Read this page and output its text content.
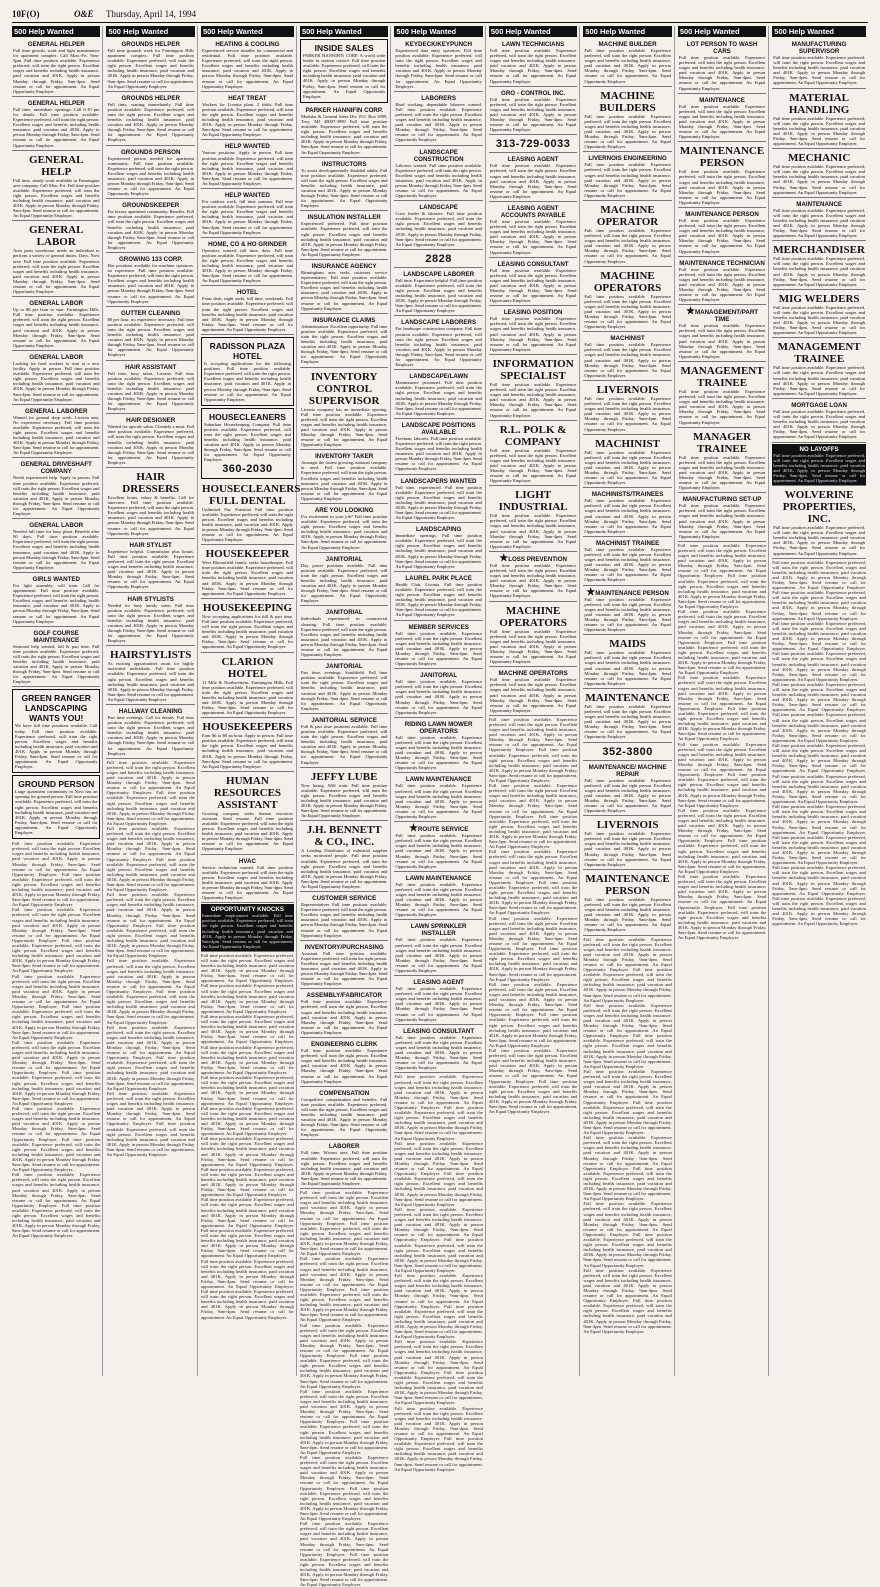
10F(O)	O&E Thursday, April 14, 1994
500 Help Wanted
GENERAL HELPER
Full time growth, work and light maintenance for apartment complex. Call Mon.-Fri. 9am-5pm. Full time position available. Experience preferred, will train the right person. Excellent wages and benefits including health insurance, paid vacation and 401K. Apply in person Monday through Friday, 9am-4pm. Send resume or call for appointment. An Equal Opportunity Employer.
GENERAL HELPER
Full time, immediate openings. Call 6-10 pm for details. Full time position available. Experience preferred, will train the right person. Excellent wages and benefits including health insurance, paid vacation and 401K. Apply in person Monday through Friday, 9am-4pm. Send resume or call for appointment. An Equal Opportunity Employer.
GENERAL HELP
Full time, steady work available in Farmington area company. Call Mon.-Fri. Full time position available. Experience preferred, will train the right person. Excellent wages and benefits including health insurance, paid vacation and 401K. Apply in person Monday through Friday, 9am-4pm. Send resume or call for appointment. An Equal Opportunity Employer.
GENERAL LABOR
Auto parts warehouse needs an individual to perform a variety of general duties. Days, Novi area. Full time position available. Experience preferred, will train the right person. Excellent wages and benefits including health insurance, paid vacation and 401K. Apply in person Monday through Friday, 9am-4pm. Send resume or call for appointment. An Equal Opportunity Employer.
GENERAL LABOR
Up to $6 per hour to start. Farmington Hills. Full time position available. Experience preferred, will train the right person. Excellent wages and benefits including health insurance, paid vacation and 401K. Apply in person Monday through Friday, 9am-4pm. Send resume or call for appointment. An Equal Opportunity Employer.
GENERAL LABOR
Looking for hard workers to start at a new facility. Apply in person. Full time position available. Experience preferred, will train the right person. Excellent wages and benefits including health insurance, paid vacation and 401K. Apply in person Monday through Friday, 9am-4pm. Send resume or call for appointment. An Equal Opportunity Employer.
GENERAL LABORER
Wanted for general shop work. Livonia area. No experience necessary. Full time position available. Experience preferred, will train the right person. Excellent wages and benefits including health insurance, paid vacation and 401K. Apply in person Monday through Friday, 9am-4pm. Send resume or call for appointment. An Equal Opportunity Employer.
GENERAL DRIVESHAFT COMPANY
Needs experienced help. Apply in person. Full time position available. Experience preferred, will train the right person. Excellent wages and benefits including health insurance, paid vacation and 401K. Apply in person Monday through Friday, 9am-4pm. Send resume or call for appointment. An Equal Opportunity Employer.
GENERAL LABOR
Needed full time for busy plant. Benefits after 90 days. Full time position available. Experience preferred, will train the right person. Excellent wages and benefits including health insurance, paid vacation and 401K. Apply in person Monday through Friday, 9am-4pm. Send resume or call for appointment. An Equal Opportunity Employer.
GIRLS WANTED
For light assembly, will train. Call for appointment. Full time position available. Experience preferred, will train the right person. Excellent wages and benefits including health insurance, paid vacation and 401K. Apply in person Monday through Friday, 9am-4pm. Send resume or call for appointment. An Equal Opportunity Employer.
GOLF COURSE MAINTENANCE
Seasonal help wanted, full & part time. Full time position available. Experience preferred, will train the right person. Excellent wages and benefits including health insurance, paid vacation and 401K. Apply in person Monday through Friday, 9am-4pm. Send resume or call for appointment. An Equal Opportunity Employer.
GREEN RANGER LANDSCAPING WANTS YOU!
We have full time positions available. Call today. Full time position available. Experience preferred, will train the right person. Excellent wages and benefits including health insurance, paid vacation and 401K. Apply in person Monday through Friday, 9am-4pm. Send resume or call for appointment. An Equal Opportunity Employer.
GROUND PERSON
Large apartment community in Novi has an opening for ground person. Full time position available. Experience preferred, will train the right person. Excellent wages and benefits including health insurance, paid vacation and 401K. Apply in person Monday through Friday, 9am-4pm. Send resume or call for appointment. An Equal Opportunity Employer.
Full time position available. Experience preferred, will train the right person. Excellent wages and benefits including health insurance, paid vacation and 401K. Apply in person Monday through Friday, 9am-4pm. Send resume or call for appointment. An Equal Opportunity Employer. Full time position available. Experience preferred, will train the right person. Excellent wages and benefits including health insurance, paid vacation and 401K. Apply in person Monday through Friday, 9am-4pm. Send resume or call for appointment. An Equal Opportunity Employer.
Full time position available. Experience preferred, will train the right person. Excellent wages and benefits including health insurance, paid vacation and 401K. Apply in person Monday through Friday, 9am-4pm. Send resume or call for appointment. An Equal Opportunity Employer. Full time position available. Experience preferred, will train the right person. Excellent wages and benefits including health insurance, paid vacation and 401K. Apply in person Monday through Friday, 9am-4pm. Send resume or call for appointment. An Equal Opportunity Employer.
Full time position available. Experience preferred, will train the right person. Excellent wages and benefits including health insurance, paid vacation and 401K. Apply in person Monday through Friday, 9am-4pm. Send resume or call for appointment. An Equal Opportunity Employer. Full time position available. Experience preferred, will train the right person. Excellent wages and benefits including health insurance, paid vacation and 401K. Apply in person Monday through Friday, 9am-4pm. Send resume or call for appointment. An Equal Opportunity Employer.
Full time position available. Experience preferred, will train the right person. Excellent wages and benefits including health insurance, paid vacation and 401K. Apply in person Monday through Friday, 9am-4pm. Send resume or call for appointment. An Equal Opportunity Employer. Full time position available. Experience preferred, will train the right person. Excellent wages and benefits including health insurance, paid vacation and 401K. Apply in person Monday through Friday, 9am-4pm. Send resume or call for appointment. An Equal Opportunity Employer.
Full time position available. Experience preferred, will train the right person. Excellent wages and benefits including health insurance, paid vacation and 401K. Apply in person Monday through Friday, 9am-4pm. Send resume or call for appointment. An Equal Opportunity Employer. Full time position available. Experience preferred, will train the right person. Excellent wages and benefits including health insurance, paid vacation and 401K. Apply in person Monday through Friday, 9am-4pm. Send resume or call for appointment. An Equal Opportunity Employer.
Full time position available. Experience preferred, will train the right person. Excellent wages and benefits including health insurance, paid vacation and 401K. Apply in person Monday through Friday, 9am-4pm. Send resume or call for appointment. An Equal Opportunity Employer. Full time position available. Experience preferred, will train the right person. Excellent wages and benefits including health insurance, paid vacation and 401K. Apply in person Monday through Friday, 9am-4pm. Send resume or call for appointment. An Equal Opportunity Employer.
500 Help Wanted
GROUNDS HELPER
Full time grounds work for Farmington Hills apartment complex. Full time position available. Experience preferred, will train the right person. Excellent wages and benefits including health insurance, paid vacation and 401K. Apply in person Monday through Friday, 9am-4pm. Send resume or call for appointment. An Equal Opportunity Employer.
GROUNDS HELPER
Full time, starting immediately. Full time position available. Experience preferred, will train the right person. Excellent wages and benefits including health insurance, paid vacation and 401K. Apply in person Monday through Friday, 9am-4pm. Send resume or call for appointment. An Equal Opportunity Employer.
GROUNDS PERSON
Experienced person needed for apartment community. Full time position available. Experience preferred, will train the right person. Excellent wages and benefits including health insurance, paid vacation and 401K. Apply in person Monday through Friday, 9am-4pm. Send resume or call for appointment. An Equal Opportunity Employer.
GROUNDSKEEPER
For luxury apartment community. Benefits. Full time position available. Experience preferred, will train the right person. Excellent wages and benefits including health insurance, paid vacation and 401K. Apply in person Monday through Friday, 9am-4pm. Send resume or call for appointment. An Equal Opportunity Employer.
GROWING 133 CORP.
Has positions available for machine operators, no experience. Full time position available. Experience preferred, will train the right person. Excellent wages and benefits including health insurance, paid vacation and 401K. Apply in person Monday through Friday, 9am-4pm. Send resume or call for appointment. An Equal Opportunity Employer.
GUTTER CLEANING
$8 per hour, no experience necessary. Full time position available. Experience preferred, will train the right person. Excellent wages and benefits including health insurance, paid vacation and 401K. Apply in person Monday through Friday, 9am-4pm. Send resume or call for appointment. An Equal Opportunity Employer.
HAIR ASSISTANT
Full time, busy salon. Livonia. Full time position available. Experience preferred, will train the right person. Excellent wages and benefits including health insurance, paid vacation and 401K. Apply in person Monday through Friday, 9am-4pm. Send resume or call for appointment. An Equal Opportunity Employer.
HAIR DESIGNER
Wanted for upscale salon. Clientele a must. Full time position available. Experience preferred, will train the right person. Excellent wages and benefits including health insurance, paid vacation and 401K. Apply in person Monday through Friday, 9am-4pm. Send resume or call for appointment. An Equal Opportunity Employer.
HAIR DRESSERS
Excellent hours, salary & benefits. Call for interview. Full time position available. Experience preferred, will train the right person. Excellent wages and benefits including health insurance, paid vacation and 401K. Apply in person Monday through Friday, 9am-4pm. Send resume or call for appointment. An Equal Opportunity Employer.
HAIR STYLIST
Experience helpful. Commission plus bonus. Full time position available. Experience preferred, will train the right person. Excellent wages and benefits including health insurance, paid vacation and 401K. Apply in person Monday through Friday, 9am-4pm. Send resume or call for appointment. An Equal Opportunity Employer.
HAIR STYLISTS
Needed for busy family salon. Full time position available. Experience preferred, will train the right person. Excellent wages and benefits including health insurance, paid vacation and 401K. Apply in person Monday through Friday, 9am-4pm. Send resume or call for appointment. An Equal Opportunity Employer.
HAIRSTYLISTS
As exciting opportunities await for highly motivated individuals. Full time position available. Experience preferred, will train the right person. Excellent wages and benefits including health insurance, paid vacation and 401K. Apply in person Monday through Friday, 9am-4pm. Send resume or call for appointment. An Equal Opportunity Employer.
HALLWAY CLEANING
Part time evenings. Call for details. Full time position available. Experience preferred, will train the right person. Excellent wages and benefits including health insurance, paid vacation and 401K. Apply in person Monday through Friday, 9am-4pm. Send resume or call for appointment. An Equal Opportunity Employer.
Full time position available. Experience preferred, will train the right person. Excellent wages and benefits including health insurance, paid vacation and 401K. Apply in person Monday through Friday, 9am-4pm. Send resume or call for appointment. An Equal Opportunity Employer. Full time position available. Experience preferred, will train the right person. Excellent wages and benefits including health insurance, paid vacation and 401K. Apply in person Monday through Friday, 9am-4pm. Send resume or call for appointment. An Equal Opportunity Employer.
Full time position available. Experience preferred, will train the right person. Excellent wages and benefits including health insurance, paid vacation and 401K. Apply in person Monday through Friday, 9am-4pm. Send resume or call for appointment. An Equal Opportunity Employer. Full time position available. Experience preferred, will train the right person. Excellent wages and benefits including health insurance, paid vacation and 401K. Apply in person Monday through Friday, 9am-4pm. Send resume or call for appointment. An Equal Opportunity Employer.
Full time position available. Experience preferred, will train the right person. Excellent wages and benefits including health insurance, paid vacation and 401K. Apply in person Monday through Friday, 9am-4pm. Send resume or call for appointment. An Equal Opportunity Employer. Full time position available. Experience preferred, will train the right person. Excellent wages and benefits including health insurance, paid vacation and 401K. Apply in person Monday through Friday, 9am-4pm. Send resume or call for appointment. An Equal Opportunity Employer.
Full time position available. Experience preferred, will train the right person. Excellent wages and benefits including health insurance, paid vacation and 401K. Apply in person Monday through Friday, 9am-4pm. Send resume or call for appointment. An Equal Opportunity Employer. Full time position available. Experience preferred, will train the right person. Excellent wages and benefits including health insurance, paid vacation and 401K. Apply in person Monday through Friday, 9am-4pm. Send resume or call for appointment. An Equal Opportunity Employer.
Full time position available. Experience preferred, will train the right person. Excellent wages and benefits including health insurance, paid vacation and 401K. Apply in person Monday through Friday, 9am-4pm. Send resume or call for appointment. An Equal Opportunity Employer. Full time position available. Experience preferred, will train the right person. Excellent wages and benefits including health insurance, paid vacation and 401K. Apply in person Monday through Friday, 9am-4pm. Send resume or call for appointment. An Equal Opportunity Employer.
Full time position available. Experience preferred, will train the right person. Excellent wages and benefits including health insurance, paid vacation and 401K. Apply in person Monday through Friday, 9am-4pm. Send resume or call for appointment. An Equal Opportunity Employer. Full time position available. Experience preferred, will train the right person. Excellent wages and benefits including health insurance, paid vacation and 401K. Apply in person Monday through Friday, 9am-4pm. Send resume or call for appointment. An Equal Opportunity Employer.
500 Help Wanted
HEATING & COOLING
Experienced service installer for commercial and residential. Full time position available. Experience preferred, will train the right person. Excellent wages and benefits including health insurance, paid vacation and 401K. Apply in person Monday through Friday, 9am-4pm. Send resume or call for appointment. An Equal Opportunity Employer.
HEAT TREAT
Workers for Livonia plant. 2 shifts. Full time position available. Experience preferred, will train the right person. Excellent wages and benefits including health insurance, paid vacation and 401K. Apply in person Monday through Friday, 9am-4pm. Send resume or call for appointment. An Equal Opportunity Employer.
HELP WANTED
Various positions. Apply in person. Full time position available. Experience preferred, will train the right person. Excellent wages and benefits including health insurance, paid vacation and 401K. Apply in person Monday through Friday, 9am-4pm. Send resume or call for appointment. An Equal Opportunity Employer.
HELP WANTED
For outdoor work, full time summer. Full time position available. Experience preferred, will train the right person. Excellent wages and benefits including health insurance, paid vacation and 401K. Apply in person Monday through Friday, 9am-4pm. Send resume or call for appointment. An Equal Opportunity Employer.
HOME, CO & HO GRINDER
Operators wanted, full time, days. Full time position available. Experience preferred, will train the right person. Excellent wages and benefits including health insurance, paid vacation and 401K. Apply in person Monday through Friday, 9am-4pm. Send resume or call for appointment. An Equal Opportunity Employer.
HOTEL
Front desk, night audit, full time, weekends. Full time position available. Experience preferred, will train the right person. Excellent wages and benefits including health insurance, paid vacation and 401K. Apply in person Monday through Friday, 9am-4pm. Send resume or call for appointment. An Equal Opportunity Employer.
RADISSON PLAZA HOTEL
Is accepting applications for the following positions. Full time position available. Experience preferred, will train the right person. Excellent wages and benefits including health insurance, paid vacation and 401K. Apply in person Monday through Friday, 9am-4pm. Send resume or call for appointment. An Equal Opportunity Employer.
HOUSECLEANERS
Suburban Housekeeping Company Full time position available. Experience preferred, will train the right person. Excellent wages and benefits including health insurance, paid vacation and 401K. Apply in person Monday through Friday, 9am-4pm. Send resume or call for appointment. An Equal Opportunity Employer.
360-2030
HOUSECLEANERS FULL DENTAL
Unlimited Pay Potential Full time position available. Experience preferred, will train the right person. Excellent wages and benefits including health insurance, paid vacation and 401K. Apply in person Monday through Friday, 9am-4pm. Send resume or call for appointment. An Equal Opportunity Employer.
HOUSEKEEPER
West Bloomfield family seeks housekeeper. Full time position available. Experience preferred, will train the right person. Excellent wages and benefits including health insurance, paid vacation and 401K. Apply in person Monday through Friday, 9am-4pm. Send resume or call for appointment. An Equal Opportunity Employer.
HOUSEKEEPING
Now accepting applications for full & part time. Full time position available. Experience preferred, will train the right person. Excellent wages and benefits including health insurance, paid vacation and 401K. Apply in person Monday through Friday, 9am-4pm. Send resume or call for appointment. An Equal Opportunity Employer.
CLARION HOTEL
13 Mile & Northwestern, Farmington Hills. Full time position available. Experience preferred, will train the right person. Excellent wages and benefits including health insurance, paid vacation and 401K. Apply in person Monday through Friday, 9am-4pm. Send resume or call for appointment. An Equal Opportunity Employer.
HOUSEKEEPERS
Earn $6 to $8 an hour. Apply in person. Full time position available. Experience preferred, will train the right person. Excellent wages and benefits including health insurance, paid vacation and 401K. Apply in person Monday through Friday, 9am-4pm. Send resume or call for appointment. An Equal Opportunity Employer.
HUMAN RESOURCES ASSISTANT
Growing company seeks human resources assistant. Send resume. Full time position available. Experience preferred, will train the right person. Excellent wages and benefits including health insurance, paid vacation and 401K. Apply in person Monday through Friday, 9am-4pm. Send resume or call for appointment. An Equal Opportunity Employer.
HVAC
Service technician wanted. Full time position available. Experience preferred, will train the right person. Excellent wages and benefits including health insurance, paid vacation and 401K. Apply in person Monday through Friday, 9am-4pm. Send resume or call for appointment. An Equal Opportunity Employer.
OPPORTUNITY KNOCKS
Immediate employment available. Full time position available. Experience preferred, will train the right person. Excellent wages and benefits including health insurance, paid vacation and 401K. Apply in person Monday through Friday, 9am-4pm. Send resume or call for appointment. An Equal Opportunity Employer.
Full time position available. Experience preferred, will train the right person. Excellent wages and benefits including health insurance, paid vacation and 401K. Apply in person Monday through Friday, 9am-4pm. Send resume or call for appointment. An Equal Opportunity Employer. Full time position available. Experience preferred, will train the right person. Excellent wages and benefits including health insurance, paid vacation and 401K. Apply in person Monday through Friday, 9am-4pm. Send resume or call for appointment. An Equal Opportunity Employer.
Full time position available. Experience preferred, will train the right person. Excellent wages and benefits including health insurance, paid vacation and 401K. Apply in person Monday through Friday, 9am-4pm. Send resume or call for appointment. An Equal Opportunity Employer. Full time position available. Experience preferred, will train the right person. Excellent wages and benefits including health insurance, paid vacation and 401K. Apply in person Monday through Friday, 9am-4pm. Send resume or call for appointment. An Equal Opportunity Employer.
Full time position available. Experience preferred, will train the right person. Excellent wages and benefits including health insurance, paid vacation and 401K. Apply in person Monday through Friday, 9am-4pm. Send resume or call for appointment. An Equal Opportunity Employer. Full time position available. Experience preferred, will train the right person. Excellent wages and benefits including health insurance, paid vacation and 401K. Apply in person Monday through Friday, 9am-4pm. Send resume or call for appointment. An Equal Opportunity Employer.
Full time position available. Experience preferred, will train the right person. Excellent wages and benefits including health insurance, paid vacation and 401K. Apply in person Monday through Friday, 9am-4pm. Send resume or call for appointment. An Equal Opportunity Employer. Full time position available. Experience preferred, will train the right person. Excellent wages and benefits including health insurance, paid vacation and 401K. Apply in person Monday through Friday, 9am-4pm. Send resume or call for appointment. An Equal Opportunity Employer.
Full time position available. Experience preferred, will train the right person. Excellent wages and benefits including health insurance, paid vacation and 401K. Apply in person Monday through Friday, 9am-4pm. Send resume or call for appointment. An Equal Opportunity Employer. Full time position available. Experience preferred, will train the right person. Excellent wages and benefits including health insurance, paid vacation and 401K. Apply in person Monday through Friday, 9am-4pm. Send resume or call for appointment. An Equal Opportunity Employer.
Full time position available. Experience preferred, will train the right person. Excellent wages and benefits including health insurance, paid vacation and 401K. Apply in person Monday through Friday, 9am-4pm. Send resume or call for appointment. An Equal Opportunity Employer. Full time position available. Experience preferred, will train the right person. Excellent wages and benefits including health insurance, paid vacation and 401K. Apply in person Monday through Friday, 9am-4pm. Send resume or call for appointment. An Equal Opportunity Employer.
500 Help Wanted
INSIDE SALES
PARKER HANNIFIN CORP. A world wide leader in motion control. Full time position available. Experience preferred, will train the right person. Excellent wages and benefits including health insurance, paid vacation and 401K. Apply in person Monday through Friday, 9am-4pm. Send resume or call for appointment. An Equal Opportunity Employer.
PARKER HANNIFIN CORP.
Modular & General Sales Div. P.O. Box 3999, Troy, MI 48007-3999 Full time position available. Experience preferred, will train the right person. Excellent wages and benefits including health insurance, paid vacation and 401K. Apply in person Monday through Friday, 9am-4pm. Send resume or call for appointment. An Equal Opportunity Employer.
INSTRUCTORS
To assist developmentally disabled adults. Full time position available. Experience preferred, will train the right person. Excellent wages and benefits including health insurance, paid vacation and 401K. Apply in person Monday through Friday, 9am-4pm. Send resume or call for appointment. An Equal Opportunity Employer.
INSULATION INSTALLER
Experienced preferred. Full time position available. Experience preferred, will train the right person. Excellent wages and benefits including health insurance, paid vacation and 401K. Apply in person Monday through Friday, 9am-4pm. Send resume or call for appointment. An Equal Opportunity Employer.
INSURANCE AGENCY
Birmingham area seeks customer service representative. Full time position available. Experience preferred, will train the right person. Excellent wages and benefits including health insurance, paid vacation and 401K. Apply in person Monday through Friday, 9am-4pm. Send resume or call for appointment. An Equal Opportunity Employer.
INSURANCE CLAIMS
Administration. Excellent opportunity. Full time position available. Experience preferred, will train the right person. Excellent wages and benefits including health insurance, paid vacation and 401K. Apply in person Monday through Friday, 9am-4pm. Send resume or call for appointment. An Equal Opportunity Employer.
INVENTORY CONTROL SUPERVISOR
Livonia company has an immediate opening. Full time position available. Experience preferred, will train the right person. Excellent wages and benefits including health insurance, paid vacation and 401K. Apply in person Monday through Friday, 9am-4pm. Send resume or call for appointment. An Equal Opportunity Employer.
INVENTORY TAKER
Amongst the fastest growing, national company in need. Full time position available. Experience preferred, will train the right person. Excellent wages and benefits including health insurance, paid vacation and 401K. Apply in person Monday through Friday, 9am-4pm. Send resume or call for appointment. An Equal Opportunity Employer.
ARE YOU LOOKING
For excitement in your job? Full time position available. Experience preferred, will train the right person. Excellent wages and benefits including health insurance, paid vacation and 401K. Apply in person Monday through Friday, 9am-4pm. Send resume or call for appointment. An Equal Opportunity Employer.
JANITORIAL
Day porter positions available. Full time position available. Experience preferred, will train the right person. Excellent wages and benefits including health insurance, paid vacation and 401K. Apply in person Monday through Friday, 9am-4pm. Send resume or call for appointment. An Equal Opportunity Employer.
JANITORIAL
Individuals experienced in commercial cleaning. Full time position available. Experience preferred, will train the right person. Excellent wages and benefits including health insurance, paid vacation and 401K. Apply in person Monday through Friday, 9am-4pm. Send resume or call for appointment. An Equal Opportunity Employer.
JANITORIAL
Part time, evenings. Southfield. Full time position available. Experience preferred, will train the right person. Excellent wages and benefits including health insurance, paid vacation and 401K. Apply in person Monday through Friday, 9am-4pm. Send resume or call for appointment. An Equal Opportunity Employer.
JANITORIAL SERVICE
Full & part time positions available. Full time position available. Experience preferred, will train the right person. Excellent wages and benefits including health insurance, paid vacation and 401K. Apply in person Monday through Friday, 9am-4pm. Send resume or call for appointment. An Equal Opportunity Employer.
JEFFY LUBE
Now hiring. Will train. Full time position available. Experience preferred, will train the right person. Excellent wages and benefits including health insurance, paid vacation and 401K. Apply in person Monday through Friday, 9am-4pm. Send resume or call for appointment. An Equal Opportunity Employer.
J.H. BENNETT & CO., INC.
A Leading Distributor of industrial supplies seeks motivated people. Full time position available. Experience preferred, will train the right person. Excellent wages and benefits including health insurance, paid vacation and 401K. Apply in person Monday through Friday, 9am-4pm. Send resume or call for appointment. An Equal Opportunity Employer.
CUSTOMER SERVICE
Representatives Full time position available. Experience preferred, will train the right person. Excellent wages and benefits including health insurance, paid vacation and 401K. Apply in person Monday through Friday, 9am-4pm. Send resume or call for appointment. An Equal Opportunity Employer.
INVENTORY/PURCHASING
Assistant Full time position available. Experience preferred, will train the right person. Excellent wages and benefits including health insurance, paid vacation and 401K. Apply in person Monday through Friday, 9am-4pm. Send resume or call for appointment. An Equal Opportunity Employer.
ASSEMBLY/FABRICATOR
Full time position available. Experience preferred, will train the right person. Excellent wages and benefits including health insurance, paid vacation and 401K. Apply in person Monday through Friday, 9am-4pm. Send resume or call for appointment. An Equal Opportunity Employer.
ENGINEERING CLERK
Full time position available. Experience preferred, will train the right person. Excellent wages and benefits including health insurance, paid vacation and 401K. Apply in person Monday through Friday, 9am-4pm. Send resume or call for appointment. An Equal Opportunity Employer.
COMPENSATION
Competitive compensation and benefits. Full time position available. Experience preferred, will train the right person. Excellent wages and benefits including health insurance, paid vacation and 401K. Apply in person Monday through Friday, 9am-4pm. Send resume or call for appointment. An Equal Opportunity Employer.
LABORER
Full time, Wixom area. Full time position available. Experience preferred, will train the right person. Excellent wages and benefits including health insurance, paid vacation and 401K. Apply in person Monday through Friday, 9am-4pm. Send resume or call for appointment. An Equal Opportunity Employer.
Full time position available. Experience preferred, will train the right person. Excellent wages and benefits including health insurance, paid vacation and 401K. Apply in person Monday through Friday, 9am-4pm. Send resume or call for appointment. An Equal Opportunity Employer. Full time position available. Experience preferred, will train the right person. Excellent wages and benefits including health insurance, paid vacation and 401K. Apply in person Monday through Friday, 9am-4pm. Send resume or call for appointment. An Equal Opportunity Employer.
Full time position available. Experience preferred, will train the right person. Excellent wages and benefits including health insurance, paid vacation and 401K. Apply in person Monday through Friday, 9am-4pm. Send resume or call for appointment. An Equal Opportunity Employer. Full time position available. Experience preferred, will train the right person. Excellent wages and benefits including health insurance, paid vacation and 401K. Apply in person Monday through Friday, 9am-4pm. Send resume or call for appointment. An Equal Opportunity Employer.
Full time position available. Experience preferred, will train the right person. Excellent wages and benefits including health insurance, paid vacation and 401K. Apply in person Monday through Friday, 9am-4pm. Send resume or call for appointment. An Equal Opportunity Employer. Full time position available. Experience preferred, will train the right person. Excellent wages and benefits including health insurance, paid vacation and 401K. Apply in person Monday through Friday, 9am-4pm. Send resume or call for appointment. An Equal Opportunity Employer.
Full time position available. Experience preferred, will train the right person. Excellent wages and benefits including health insurance, paid vacation and 401K. Apply in person Monday through Friday, 9am-4pm. Send resume or call for appointment. An Equal Opportunity Employer. Full time position available. Experience preferred, will train the right person. Excellent wages and benefits including health insurance, paid vacation and 401K. Apply in person Monday through Friday, 9am-4pm. Send resume or call for appointment. An Equal Opportunity Employer.
Full time position available. Experience preferred, will train the right person. Excellent wages and benefits including health insurance, paid vacation and 401K. Apply in person Monday through Friday, 9am-4pm. Send resume or call for appointment. An Equal Opportunity Employer. Full time position available. Experience preferred, will train the right person. Excellent wages and benefits including health insurance, paid vacation and 401K. Apply in person Monday through Friday, 9am-4pm. Send resume or call for appointment. An Equal Opportunity Employer.
Full time position available. Experience preferred, will train the right person. Excellent wages and benefits including health insurance, paid vacation and 401K. Apply in person Monday through Friday, 9am-4pm. Send resume or call for appointment. An Equal Opportunity Employer. Full time position available. Experience preferred, will train the right person. Excellent wages and benefits including health insurance, paid vacation and 401K. Apply in person Monday through Friday, 9am-4pm. Send resume or call for appointment. An Equal Opportunity Employer.
500 Help Wanted
KEYDECK/KEYPUNCH
Experienced data entry operators. Full time position available. Experience preferred, will train the right person. Excellent wages and benefits including health insurance, paid vacation and 401K. Apply in person Monday through Friday, 9am-4pm. Send resume or call for appointment. An Equal Opportunity Employer.
LABORERS
Hard working, dependable laborers wanted. Full time position available. Experience preferred, will train the right person. Excellent wages and benefits including health insurance, paid vacation and 401K. Apply in person Monday through Friday, 9am-4pm. Send resume or call for appointment. An Equal Opportunity Employer.
LANDSCAPE CONSTRUCTION
Laborers wanted. Full time position available. Experience preferred, will train the right person. Excellent wages and benefits including health insurance, paid vacation and 401K. Apply in person Monday through Friday, 9am-4pm. Send resume or call for appointment. An Equal Opportunity Employer.
LANDSCAPE
Crew leader & laborers. Full time position available. Experience preferred, will train the right person. Excellent wages and benefits including health insurance, paid vacation and 401K. Apply in person Monday through Friday, 9am-4pm. Send resume or call for appointment. An Equal Opportunity Employer.
2828
LANDSCAPE LABORER
Full time. Experience helpful. Full time position available. Experience preferred, will train the right person. Excellent wages and benefits including health insurance, paid vacation and 401K. Apply in person Monday through Friday, 9am-4pm. Send resume or call for appointment. An Equal Opportunity Employer.
LANDSCAPE LABORERS
For landscape construction company. Full time position available. Experience preferred, will train the right person. Excellent wages and benefits including health insurance, paid vacation and 401K. Apply in person Monday through Friday, 9am-4pm. Send resume or call for appointment. An Equal Opportunity Employer.
LANDSCAPE/LAWN
Maintenance personnel. Full time position available. Experience preferred, will train the right person. Excellent wages and benefits including health insurance, paid vacation and 401K. Apply in person Monday through Friday, 9am-4pm. Send resume or call for appointment. An Equal Opportunity Employer.
LANDSCAPE POSITIONS AVAILABLE
Foreman, laborers. Full time position available. Experience preferred, will train the right person. Excellent wages and benefits including health insurance, paid vacation and 401K. Apply in person Monday through Friday, 9am-4pm. Send resume or call for appointment. An Equal Opportunity Employer.
LANDSCAPERS WANTED
Full time, experienced. Full time position available. Experience preferred, will train the right person. Excellent wages and benefits including health insurance, paid vacation and 401K. Apply in person Monday through Friday, 9am-4pm. Send resume or call for appointment. An Equal Opportunity Employer.
LANDSCAPING
Immediate openings. Full time position available. Experience preferred, will train the right person. Excellent wages and benefits including health insurance, paid vacation and 401K. Apply in person Monday through Friday, 9am-4pm. Send resume or call for appointment. An Equal Opportunity Employer.
LAUREL PARK PLACE
Health Club, Livonia. Full time position available. Experience preferred, will train the right person. Excellent wages and benefits including health insurance, paid vacation and 401K. Apply in person Monday through Friday, 9am-4pm. Send resume or call for appointment. An Equal Opportunity Employer.
MEMBER SERVICES
Full time position available. Experience preferred, will train the right person. Excellent wages and benefits including health insurance, paid vacation and 401K. Apply in person Monday through Friday, 9am-4pm. Send resume or call for appointment. An Equal Opportunity Employer.
JANITORIAL
Full time position available. Experience preferred, will train the right person. Excellent wages and benefits including health insurance, paid vacation and 401K. Apply in person Monday through Friday, 9am-4pm. Send resume or call for appointment. An Equal Opportunity Employer.
RIDING LAWN MOWER OPERATORS
Full time position available. Experience preferred, will train the right person. Excellent wages and benefits including health insurance, paid vacation and 401K. Apply in person Monday through Friday, 9am-4pm. Send resume or call for appointment. An Equal Opportunity Employer.
LAWN MAINTENANCE
Full time position available. Experience preferred, will train the right person. Excellent wages and benefits including health insurance, paid vacation and 401K. Apply in person Monday through Friday, 9am-4pm. Send resume or call for appointment. An Equal Opportunity Employer.
★ ROUTE SERVICE
Full time position available. Experience preferred, will train the right person. Excellent wages and benefits including health insurance, paid vacation and 401K. Apply in person Monday through Friday, 9am-4pm. Send resume or call for appointment. An Equal Opportunity Employer.
LAWN MAINTENANCE
Full time position available. Experience preferred, will train the right person. Excellent wages and benefits including health insurance, paid vacation and 401K. Apply in person Monday through Friday, 9am-4pm. Send resume or call for appointment. An Equal Opportunity Employer.
LAWN SPRINKLER INSTALLER
Full time position available. Experience preferred, will train the right person. Excellent wages and benefits including health insurance, paid vacation and 401K. Apply in person Monday through Friday, 9am-4pm. Send resume or call for appointment. An Equal Opportunity Employer.
LEASING AGENT
Full time position available. Experience preferred, will train the right person. Excellent wages and benefits including health insurance, paid vacation and 401K. Apply in person Monday through Friday, 9am-4pm. Send resume or call for appointment. An Equal Opportunity Employer.
LEASING CONSULTANT
Full time position available. Experience preferred, will train the right person. Excellent wages and benefits including health insurance, paid vacation and 401K. Apply in person Monday through Friday, 9am-4pm. Send resume or call for appointment. An Equal Opportunity Employer.
Full time position available. Experience preferred, will train the right person. Excellent wages and benefits including health insurance, paid vacation and 401K. Apply in person Monday through Friday, 9am-4pm. Send resume or call for appointment. An Equal Opportunity Employer. Full time position available. Experience preferred, will train the right person. Excellent wages and benefits including health insurance, paid vacation and 401K. Apply in person Monday through Friday, 9am-4pm. Send resume or call for appointment. An Equal Opportunity Employer.
Full time position available. Experience preferred, will train the right person. Excellent wages and benefits including health insurance, paid vacation and 401K. Apply in person Monday through Friday, 9am-4pm. Send resume or call for appointment. An Equal Opportunity Employer. Full time position available. Experience preferred, will train the right person. Excellent wages and benefits including health insurance, paid vacation and 401K. Apply in person Monday through Friday, 9am-4pm. Send resume or call for appointment. An Equal Opportunity Employer.
Full time position available. Experience preferred, will train the right person. Excellent wages and benefits including health insurance, paid vacation and 401K. Apply in person Monday through Friday, 9am-4pm. Send resume or call for appointment. An Equal Opportunity Employer. Full time position available. Experience preferred, will train the right person. Excellent wages and benefits including health insurance, paid vacation and 401K. Apply in person Monday through Friday, 9am-4pm. Send resume or call for appointment. An Equal Opportunity Employer.
Full time position available. Experience preferred, will train the right person. Excellent wages and benefits including health insurance, paid vacation and 401K. Apply in person Monday through Friday, 9am-4pm. Send resume or call for appointment. An Equal Opportunity Employer. Full time position available. Experience preferred, will train the right person. Excellent wages and benefits including health insurance, paid vacation and 401K. Apply in person Monday through Friday, 9am-4pm. Send resume or call for appointment. An Equal Opportunity Employer.
Full time position available. Experience preferred, will train the right person. Excellent wages and benefits including health insurance, paid vacation and 401K. Apply in person Monday through Friday, 9am-4pm. Send resume or call for appointment. An Equal Opportunity Employer. Full time position available. Experience preferred, will train the right person. Excellent wages and benefits including health insurance, paid vacation and 401K. Apply in person Monday through Friday, 9am-4pm. Send resume or call for appointment. An Equal Opportunity Employer.
Full time position available. Experience preferred, will train the right person. Excellent wages and benefits including health insurance, paid vacation and 401K. Apply in person Monday through Friday, 9am-4pm. Send resume or call for appointment. An Equal Opportunity Employer. Full time position available. Experience preferred, will train the right person. Excellent wages and benefits including health insurance, paid vacation and 401K. Apply in person Monday through Friday, 9am-4pm. Send resume or call for appointment. An Equal Opportunity Employer.
500 Help Wanted
LAWN TECHNICIANS
Full time position available. Experience preferred, will train the right person. Excellent wages and benefits including health insurance, paid vacation and 401K. Apply in person Monday through Friday, 9am-4pm. Send resume or call for appointment. An Equal Opportunity Employer.
GRO - CONTROL INC.
Full time position available. Experience preferred, will train the right person. Excellent wages and benefits including health insurance, paid vacation and 401K. Apply in person Monday through Friday, 9am-4pm. Send resume or call for appointment. An Equal Opportunity Employer.
313-729-0033
LEASING AGENT
Full time position available. Experience preferred, will train the right person. Excellent wages and benefits including health insurance, paid vacation and 401K. Apply in person Monday through Friday, 9am-4pm. Send resume or call for appointment. An Equal Opportunity Employer.
LEASING AGENT ACCOUNTS PAYABLE
Full time position available. Experience preferred, will train the right person. Excellent wages and benefits including health insurance, paid vacation and 401K. Apply in person Monday through Friday, 9am-4pm. Send resume or call for appointment. An Equal Opportunity Employer.
LEASING CONSULTANT
Full time position available. Experience preferred, will train the right person. Excellent wages and benefits including health insurance, paid vacation and 401K. Apply in person Monday through Friday, 9am-4pm. Send resume or call for appointment. An Equal Opportunity Employer.
LEASING POSITION
Full time position available. Experience preferred, will train the right person. Excellent wages and benefits including health insurance, paid vacation and 401K. Apply in person Monday through Friday, 9am-4pm. Send resume or call for appointment. An Equal Opportunity Employer.
INFORMATION SPECIALIST
Full time position available. Experience preferred, will train the right person. Excellent wages and benefits including health insurance, paid vacation and 401K. Apply in person Monday through Friday, 9am-4pm. Send resume or call for appointment. An Equal Opportunity Employer.
R.L. POLK & COMPANY
Full time position available. Experience preferred, will train the right person. Excellent wages and benefits including health insurance, paid vacation and 401K. Apply in person Monday through Friday, 9am-4pm. Send resume or call for appointment. An Equal Opportunity Employer.
LIGHT INDUSTRIAL
Full time position available. Experience preferred, will train the right person. Excellent wages and benefits including health insurance, paid vacation and 401K. Apply in person Monday through Friday, 9am-4pm. Send resume or call for appointment. An Equal Opportunity Employer.
★ LOSS PREVENTION
Full time position available. Experience preferred, will train the right person. Excellent wages and benefits including health insurance, paid vacation and 401K. Apply in person Monday through Friday, 9am-4pm. Send resume or call for appointment. An Equal Opportunity Employer.
MACHINE OPERATORS
Full time position available. Experience preferred, will train the right person. Excellent wages and benefits including health insurance, paid vacation and 401K. Apply in person Monday through Friday, 9am-4pm. Send resume or call for appointment. An Equal Opportunity Employer.
MACHINE OPERATORS
Full time position available. Experience preferred, will train the right person. Excellent wages and benefits including health insurance, paid vacation and 401K. Apply in person Monday through Friday, 9am-4pm. Send resume or call for appointment. An Equal Opportunity Employer.
Full time position available. Experience preferred, will train the right person. Excellent wages and benefits including health insurance, paid vacation and 401K. Apply in person Monday through Friday, 9am-4pm. Send resume or call for appointment. An Equal Opportunity Employer. Full time position available. Experience preferred, will train the right person. Excellent wages and benefits including health insurance, paid vacation and 401K. Apply in person Monday through Friday, 9am-4pm. Send resume or call for appointment. An Equal Opportunity Employer.
Full time position available. Experience preferred, will train the right person. Excellent wages and benefits including health insurance, paid vacation and 401K. Apply in person Monday through Friday, 9am-4pm. Send resume or call for appointment. An Equal Opportunity Employer. Full time position available. Experience preferred, will train the right person. Excellent wages and benefits including health insurance, paid vacation and 401K. Apply in person Monday through Friday, 9am-4pm. Send resume or call for appointment. An Equal Opportunity Employer.
Full time position available. Experience preferred, will train the right person. Excellent wages and benefits including health insurance, paid vacation and 401K. Apply in person Monday through Friday, 9am-4pm. Send resume or call for appointment. An Equal Opportunity Employer. Full time position available. Experience preferred, will train the right person. Excellent wages and benefits including health insurance, paid vacation and 401K. Apply in person Monday through Friday, 9am-4pm. Send resume or call for appointment. An Equal Opportunity Employer.
Full time position available. Experience preferred, will train the right person. Excellent wages and benefits including health insurance, paid vacation and 401K. Apply in person Monday through Friday, 9am-4pm. Send resume or call for appointment. An Equal Opportunity Employer. Full time position available. Experience preferred, will train the right person. Excellent wages and benefits including health insurance, paid vacation and 401K. Apply in person Monday through Friday, 9am-4pm. Send resume or call for appointment. An Equal Opportunity Employer.
Full time position available. Experience preferred, will train the right person. Excellent wages and benefits including health insurance, paid vacation and 401K. Apply in person Monday through Friday, 9am-4pm. Send resume or call for appointment. An Equal Opportunity Employer. Full time position available. Experience preferred, will train the right person. Excellent wages and benefits including health insurance, paid vacation and 401K. Apply in person Monday through Friday, 9am-4pm. Send resume or call for appointment. An Equal Opportunity Employer.
Full time position available. Experience preferred, will train the right person. Excellent wages and benefits including health insurance, paid vacation and 401K. Apply in person Monday through Friday, 9am-4pm. Send resume or call for appointment. An Equal Opportunity Employer. Full time position available. Experience preferred, will train the right person. Excellent wages and benefits including health insurance, paid vacation and 401K. Apply in person Monday through Friday, 9am-4pm. Send resume or call for appointment. An Equal Opportunity Employer.
500 Help Wanted
MACHINE BUILDER
Full time position available. Experience preferred, will train the right person. Excellent wages and benefits including health insurance, paid vacation and 401K. Apply in person Monday through Friday, 9am-4pm. Send resume or call for appointment. An Equal Opportunity Employer.
MACHINE BUILDERS
Full time position available. Experience preferred, will train the right person. Excellent wages and benefits including health insurance, paid vacation and 401K. Apply in person Monday through Friday, 9am-4pm. Send resume or call for appointment. An Equal Opportunity Employer.
LIVERNOIS ENGINEERING
Full time position available. Experience preferred, will train the right person. Excellent wages and benefits including health insurance, paid vacation and 401K. Apply in person Monday through Friday, 9am-4pm. Send resume or call for appointment. An Equal Opportunity Employer.
MACHINE OPERATOR
Full time position available. Experience preferred, will train the right person. Excellent wages and benefits including health insurance, paid vacation and 401K. Apply in person Monday through Friday, 9am-4pm. Send resume or call for appointment. An Equal Opportunity Employer.
MACHINE OPERATORS
Full time position available. Experience preferred, will train the right person. Excellent wages and benefits including health insurance, paid vacation and 401K. Apply in person Monday through Friday, 9am-4pm. Send resume or call for appointment. An Equal Opportunity Employer.
MACHINIST
Full time position available. Experience preferred, will train the right person. Excellent wages and benefits including health insurance, paid vacation and 401K. Apply in person Monday through Friday, 9am-4pm. Send resume or call for appointment. An Equal Opportunity Employer.
LIVERNOIS
Full time position available. Experience preferred, will train the right person. Excellent wages and benefits including health insurance, paid vacation and 401K. Apply in person Monday through Friday, 9am-4pm. Send resume or call for appointment. An Equal Opportunity Employer.
MACHINIST
Full time position available. Experience preferred, will train the right person. Excellent wages and benefits including health insurance, paid vacation and 401K. Apply in person Monday through Friday, 9am-4pm. Send resume or call for appointment. An Equal Opportunity Employer.
MACHINISTS/TRAINEES
Full time position available. Experience preferred, will train the right person. Excellent wages and benefits including health insurance, paid vacation and 401K. Apply in person Monday through Friday, 9am-4pm. Send resume or call for appointment. An Equal Opportunity Employer.
MACHINIST TRAINEE
Full time position available. Experience preferred, will train the right person. Excellent wages and benefits including health insurance, paid vacation and 401K. Apply in person Monday through Friday, 9am-4pm. Send resume or call for appointment. An Equal Opportunity Employer.
★ MAINTENANCE PERSON
Full time position available. Experience preferred, will train the right person. Excellent wages and benefits including health insurance, paid vacation and 401K. Apply in person Monday through Friday, 9am-4pm. Send resume or call for appointment. An Equal Opportunity Employer.
MAIDS
Full time position available. Experience preferred, will train the right person. Excellent wages and benefits including health insurance, paid vacation and 401K. Apply in person Monday through Friday, 9am-4pm. Send resume or call for appointment. An Equal Opportunity Employer.
MAINTENANCE
Full time position available. Experience preferred, will train the right person. Excellent wages and benefits including health insurance, paid vacation and 401K. Apply in person Monday through Friday, 9am-4pm. Send resume or call for appointment. An Equal Opportunity Employer.
352-3800
MAINTENANCE/ MACHINE REPAIR
Full time position available. Experience preferred, will train the right person. Excellent wages and benefits including health insurance, paid vacation and 401K. Apply in person Monday through Friday, 9am-4pm. Send resume or call for appointment. An Equal Opportunity Employer.
LIVERNOIS
Full time position available. Experience preferred, will train the right person. Excellent wages and benefits including health insurance, paid vacation and 401K. Apply in person Monday through Friday, 9am-4pm. Send resume or call for appointment. An Equal Opportunity Employer.
MAINTENANCE PERSON
Full time position available. Experience preferred, will train the right person. Excellent wages and benefits including health insurance, paid vacation and 401K. Apply in person Monday through Friday, 9am-4pm. Send resume or call for appointment. An Equal Opportunity Employer.
Full time position available. Experience preferred, will train the right person. Excellent wages and benefits including health insurance, paid vacation and 401K. Apply in person Monday through Friday, 9am-4pm. Send resume or call for appointment. An Equal Opportunity Employer. Full time position available. Experience preferred, will train the right person. Excellent wages and benefits including health insurance, paid vacation and 401K. Apply in person Monday through Friday, 9am-4pm. Send resume or call for appointment. An Equal Opportunity Employer.
Full time position available. Experience preferred, will train the right person. Excellent wages and benefits including health insurance, paid vacation and 401K. Apply in person Monday through Friday, 9am-4pm. Send resume or call for appointment. An Equal Opportunity Employer. Full time position available. Experience preferred, will train the right person. Excellent wages and benefits including health insurance, paid vacation and 401K. Apply in person Monday through Friday, 9am-4pm. Send resume or call for appointment. An Equal Opportunity Employer.
Full time position available. Experience preferred, will train the right person. Excellent wages and benefits including health insurance, paid vacation and 401K. Apply in person Monday through Friday, 9am-4pm. Send resume or call for appointment. An Equal Opportunity Employer. Full time position available. Experience preferred, will train the right person. Excellent wages and benefits including health insurance, paid vacation and 401K. Apply in person Monday through Friday, 9am-4pm. Send resume or call for appointment. An Equal Opportunity Employer.
Full time position available. Experience preferred, will train the right person. Excellent wages and benefits including health insurance, paid vacation and 401K. Apply in person Monday through Friday, 9am-4pm. Send resume or call for appointment. An Equal Opportunity Employer. Full time position available. Experience preferred, will train the right person. Excellent wages and benefits including health insurance, paid vacation and 401K. Apply in person Monday through Friday, 9am-4pm. Send resume or call for appointment. An Equal Opportunity Employer.
Full time position available. Experience preferred, will train the right person. Excellent wages and benefits including health insurance, paid vacation and 401K. Apply in person Monday through Friday, 9am-4pm. Send resume or call for appointment. An Equal Opportunity Employer. Full time position available. Experience preferred, will train the right person. Excellent wages and benefits including health insurance, paid vacation and 401K. Apply in person Monday through Friday, 9am-4pm. Send resume or call for appointment. An Equal Opportunity Employer.
Full time position available. Experience preferred, will train the right person. Excellent wages and benefits including health insurance, paid vacation and 401K. Apply in person Monday through Friday, 9am-4pm. Send resume or call for appointment. An Equal Opportunity Employer. Full time position available. Experience preferred, will train the right person. Excellent wages and benefits including health insurance, paid vacation and 401K. Apply in person Monday through Friday, 9am-4pm. Send resume or call for appointment. An Equal Opportunity Employer.
500 Help Wanted
LOT PERSON TO WASH CARS
Full time position available. Experience preferred, will train the right person. Excellent wages and benefits including health insurance, paid vacation and 401K. Apply in person Monday through Friday, 9am-4pm. Send resume or call for appointment. An Equal Opportunity Employer.
MAINTENANCE
Full time position available. Experience preferred, will train the right person. Excellent wages and benefits including health insurance, paid vacation and 401K. Apply in person Monday through Friday, 9am-4pm. Send resume or call for appointment. An Equal Opportunity Employer.
MAINTENANCE PERSON
Full time position available. Experience preferred, will train the right person. Excellent wages and benefits including health insurance, paid vacation and 401K. Apply in person Monday through Friday, 9am-4pm. Send resume or call for appointment. An Equal Opportunity Employer.
MAINTENANCE PERSON
Full time position available. Experience preferred, will train the right person. Excellent wages and benefits including health insurance, paid vacation and 401K. Apply in person Monday through Friday, 9am-4pm. Send resume or call for appointment. An Equal Opportunity Employer.
MAINTENANCE TECHNICIAN
Full time position available. Experience preferred, will train the right person. Excellent wages and benefits including health insurance, paid vacation and 401K. Apply in person Monday through Friday, 9am-4pm. Send resume or call for appointment. An Equal Opportunity Employer.
★ MANAGEMENT/PART TIME
Full time position available. Experience preferred, will train the right person. Excellent wages and benefits including health insurance, paid vacation and 401K. Apply in person Monday through Friday, 9am-4pm. Send resume or call for appointment. An Equal Opportunity Employer.
MANAGEMENT TRAINEE
Full time position available. Experience preferred, will train the right person. Excellent wages and benefits including health insurance, paid vacation and 401K. Apply in person Monday through Friday, 9am-4pm. Send resume or call for appointment. An Equal Opportunity Employer.
MANAGER TRAINEE
Full time position available. Experience preferred, will train the right person. Excellent wages and benefits including health insurance, paid vacation and 401K. Apply in person Monday through Friday, 9am-4pm. Send resume or call for appointment. An Equal Opportunity Employer.
MANUFACTURING SET-UP
Full time position available. Experience preferred, will train the right person. Excellent wages and benefits including health insurance, paid vacation and 401K. Apply in person Monday through Friday, 9am-4pm. Send resume or call for appointment. An Equal Opportunity Employer.
Full time position available. Experience preferred, will train the right person. Excellent wages and benefits including health insurance, paid vacation and 401K. Apply in person Monday through Friday, 9am-4pm. Send resume or call for appointment. An Equal Opportunity Employer. Full time position available. Experience preferred, will train the right person. Excellent wages and benefits including health insurance, paid vacation and 401K. Apply in person Monday through Friday, 9am-4pm. Send resume or call for appointment. An Equal Opportunity Employer.
Full time position available. Experience preferred, will train the right person. Excellent wages and benefits including health insurance, paid vacation and 401K. Apply in person Monday through Friday, 9am-4pm. Send resume or call for appointment. An Equal Opportunity Employer. Full time position available. Experience preferred, will train the right person. Excellent wages and benefits including health insurance, paid vacation and 401K. Apply in person Monday through Friday, 9am-4pm. Send resume or call for appointment. An Equal Opportunity Employer.
Full time position available. Experience preferred, will train the right person. Excellent wages and benefits including health insurance, paid vacation and 401K. Apply in person Monday through Friday, 9am-4pm. Send resume or call for appointment. An Equal Opportunity Employer. Full time position available. Experience preferred, will train the right person. Excellent wages and benefits including health insurance, paid vacation and 401K. Apply in person Monday through Friday, 9am-4pm. Send resume or call for appointment. An Equal Opportunity Employer.
Full time position available. Experience preferred, will train the right person. Excellent wages and benefits including health insurance, paid vacation and 401K. Apply in person Monday through Friday, 9am-4pm. Send resume or call for appointment. An Equal Opportunity Employer. Full time position available. Experience preferred, will train the right person. Excellent wages and benefits including health insurance, paid vacation and 401K. Apply in person Monday through Friday, 9am-4pm. Send resume or call for appointment. An Equal Opportunity Employer.
Full time position available. Experience preferred, will train the right person. Excellent wages and benefits including health insurance, paid vacation and 401K. Apply in person Monday through Friday, 9am-4pm. Send resume or call for appointment. An Equal Opportunity Employer. Full time position available. Experience preferred, will train the right person. Excellent wages and benefits including health insurance, paid vacation and 401K. Apply in person Monday through Friday, 9am-4pm. Send resume or call for appointment. An Equal Opportunity Employer.
Full time position available. Experience preferred, will train the right person. Excellent wages and benefits including health insurance, paid vacation and 401K. Apply in person Monday through Friday, 9am-4pm. Send resume or call for appointment. An Equal Opportunity Employer. Full time position available. Experience preferred, will train the right person. Excellent wages and benefits including health insurance, paid vacation and 401K. Apply in person Monday through Friday, 9am-4pm. Send resume or call for appointment. An Equal Opportunity Employer.
500 Help Wanted
MANUFACTURING SUPERVISOR
Full time position available. Experience preferred, will train the right person. Excellent wages and benefits including health insurance, paid vacation and 401K. Apply in person Monday through Friday, 9am-4pm. Send resume or call for appointment. An Equal Opportunity Employer.
MATERIAL HANDLING
Full time position available. Experience preferred, will train the right person. Excellent wages and benefits including health insurance, paid vacation and 401K. Apply in person Monday through Friday, 9am-4pm. Send resume or call for appointment. An Equal Opportunity Employer.
MECHANIC
Full time position available. Experience preferred, will train the right person. Excellent wages and benefits including health insurance, paid vacation and 401K. Apply in person Monday through Friday, 9am-4pm. Send resume or call for appointment. An Equal Opportunity Employer.
MAINTENANCE
Full time position available. Experience preferred, will train the right person. Excellent wages and benefits including health insurance, paid vacation and 401K. Apply in person Monday through Friday, 9am-4pm. Send resume or call for appointment. An Equal Opportunity Employer.
MERCHANDISER
Full time position available. Experience preferred, will train the right person. Excellent wages and benefits including health insurance, paid vacation and 401K. Apply in person Monday through Friday, 9am-4pm. Send resume or call for appointment. An Equal Opportunity Employer.
MIG WELDERS
Full time position available. Experience preferred, will train the right person. Excellent wages and benefits including health insurance, paid vacation and 401K. Apply in person Monday through Friday, 9am-4pm. Send resume or call for appointment. An Equal Opportunity Employer.
MANAGEMENT TRAINEE
Full time position available. Experience preferred, will train the right person. Excellent wages and benefits including health insurance, paid vacation and 401K. Apply in person Monday through Friday, 9am-4pm. Send resume or call for appointment. An Equal Opportunity Employer.
MORTGAGE LOAN
Full time position available. Experience preferred, will train the right person. Excellent wages and benefits including health insurance, paid vacation and 401K. Apply in person Monday through Friday, 9am-4pm. Send resume or call for appointment. An Equal Opportunity Employer.
NO LAYOFFS
Full time position available. Experience preferred, will train the right person. Excellent wages and benefits including health insurance, paid vacation and 401K. Apply in person Monday through Friday, 9am-4pm. Send resume or call for appointment. An Equal Opportunity Employer.
WOLVERINE PROPERTIES, INC.
Full time position available. Experience preferred, will train the right person. Excellent wages and benefits including health insurance, paid vacation and 401K. Apply in person Monday through Friday, 9am-4pm. Send resume or call for appointment. An Equal Opportunity Employer.
Full time position available. Experience preferred, will train the right person. Excellent wages and benefits including health insurance, paid vacation and 401K. Apply in person Monday through Friday, 9am-4pm. Send resume or call for appointment. An Equal Opportunity Employer. Full time position available. Experience preferred, will train the right person. Excellent wages and benefits including health insurance, paid vacation and 401K. Apply in person Monday through Friday, 9am-4pm. Send resume or call for appointment. An Equal Opportunity Employer.
Full time position available. Experience preferred, will train the right person. Excellent wages and benefits including health insurance, paid vacation and 401K. Apply in person Monday through Friday, 9am-4pm. Send resume or call for appointment. An Equal Opportunity Employer. Full time position available. Experience preferred, will train the right person. Excellent wages and benefits including health insurance, paid vacation and 401K. Apply in person Monday through Friday, 9am-4pm. Send resume or call for appointment. An Equal Opportunity Employer.
Full time position available. Experience preferred, will train the right person. Excellent wages and benefits including health insurance, paid vacation and 401K. Apply in person Monday through Friday, 9am-4pm. Send resume or call for appointment. An Equal Opportunity Employer. Full time position available. Experience preferred, will train the right person. Excellent wages and benefits including health insurance, paid vacation and 401K. Apply in person Monday through Friday, 9am-4pm. Send resume or call for appointment. An Equal Opportunity Employer.
Full time position available. Experience preferred, will train the right person. Excellent wages and benefits including health insurance, paid vacation and 401K. Apply in person Monday through Friday, 9am-4pm. Send resume or call for appointment. An Equal Opportunity Employer. Full time position available. Experience preferred, will train the right person. Excellent wages and benefits including health insurance, paid vacation and 401K. Apply in person Monday through Friday, 9am-4pm. Send resume or call for appointment. An Equal Opportunity Employer.
Full time position available. Experience preferred, will train the right person. Excellent wages and benefits including health insurance, paid vacation and 401K. Apply in person Monday through Friday, 9am-4pm. Send resume or call for appointment. An Equal Opportunity Employer. Full time position available. Experience preferred, will train the right person. Excellent wages and benefits including health insurance, paid vacation and 401K. Apply in person Monday through Friday, 9am-4pm. Send resume or call for appointment. An Equal Opportunity Employer.
Full time position available. Experience preferred, will train the right person. Excellent wages and benefits including health insurance, paid vacation and 401K. Apply in person Monday through Friday, 9am-4pm. Send resume or call for appointment. An Equal Opportunity Employer. Full time position available. Experience preferred, will train the right person. Excellent wages and benefits including health insurance, paid vacation and 401K. Apply in person Monday through Friday, 9am-4pm. Send resume or call for appointment. An Equal Opportunity Employer.
